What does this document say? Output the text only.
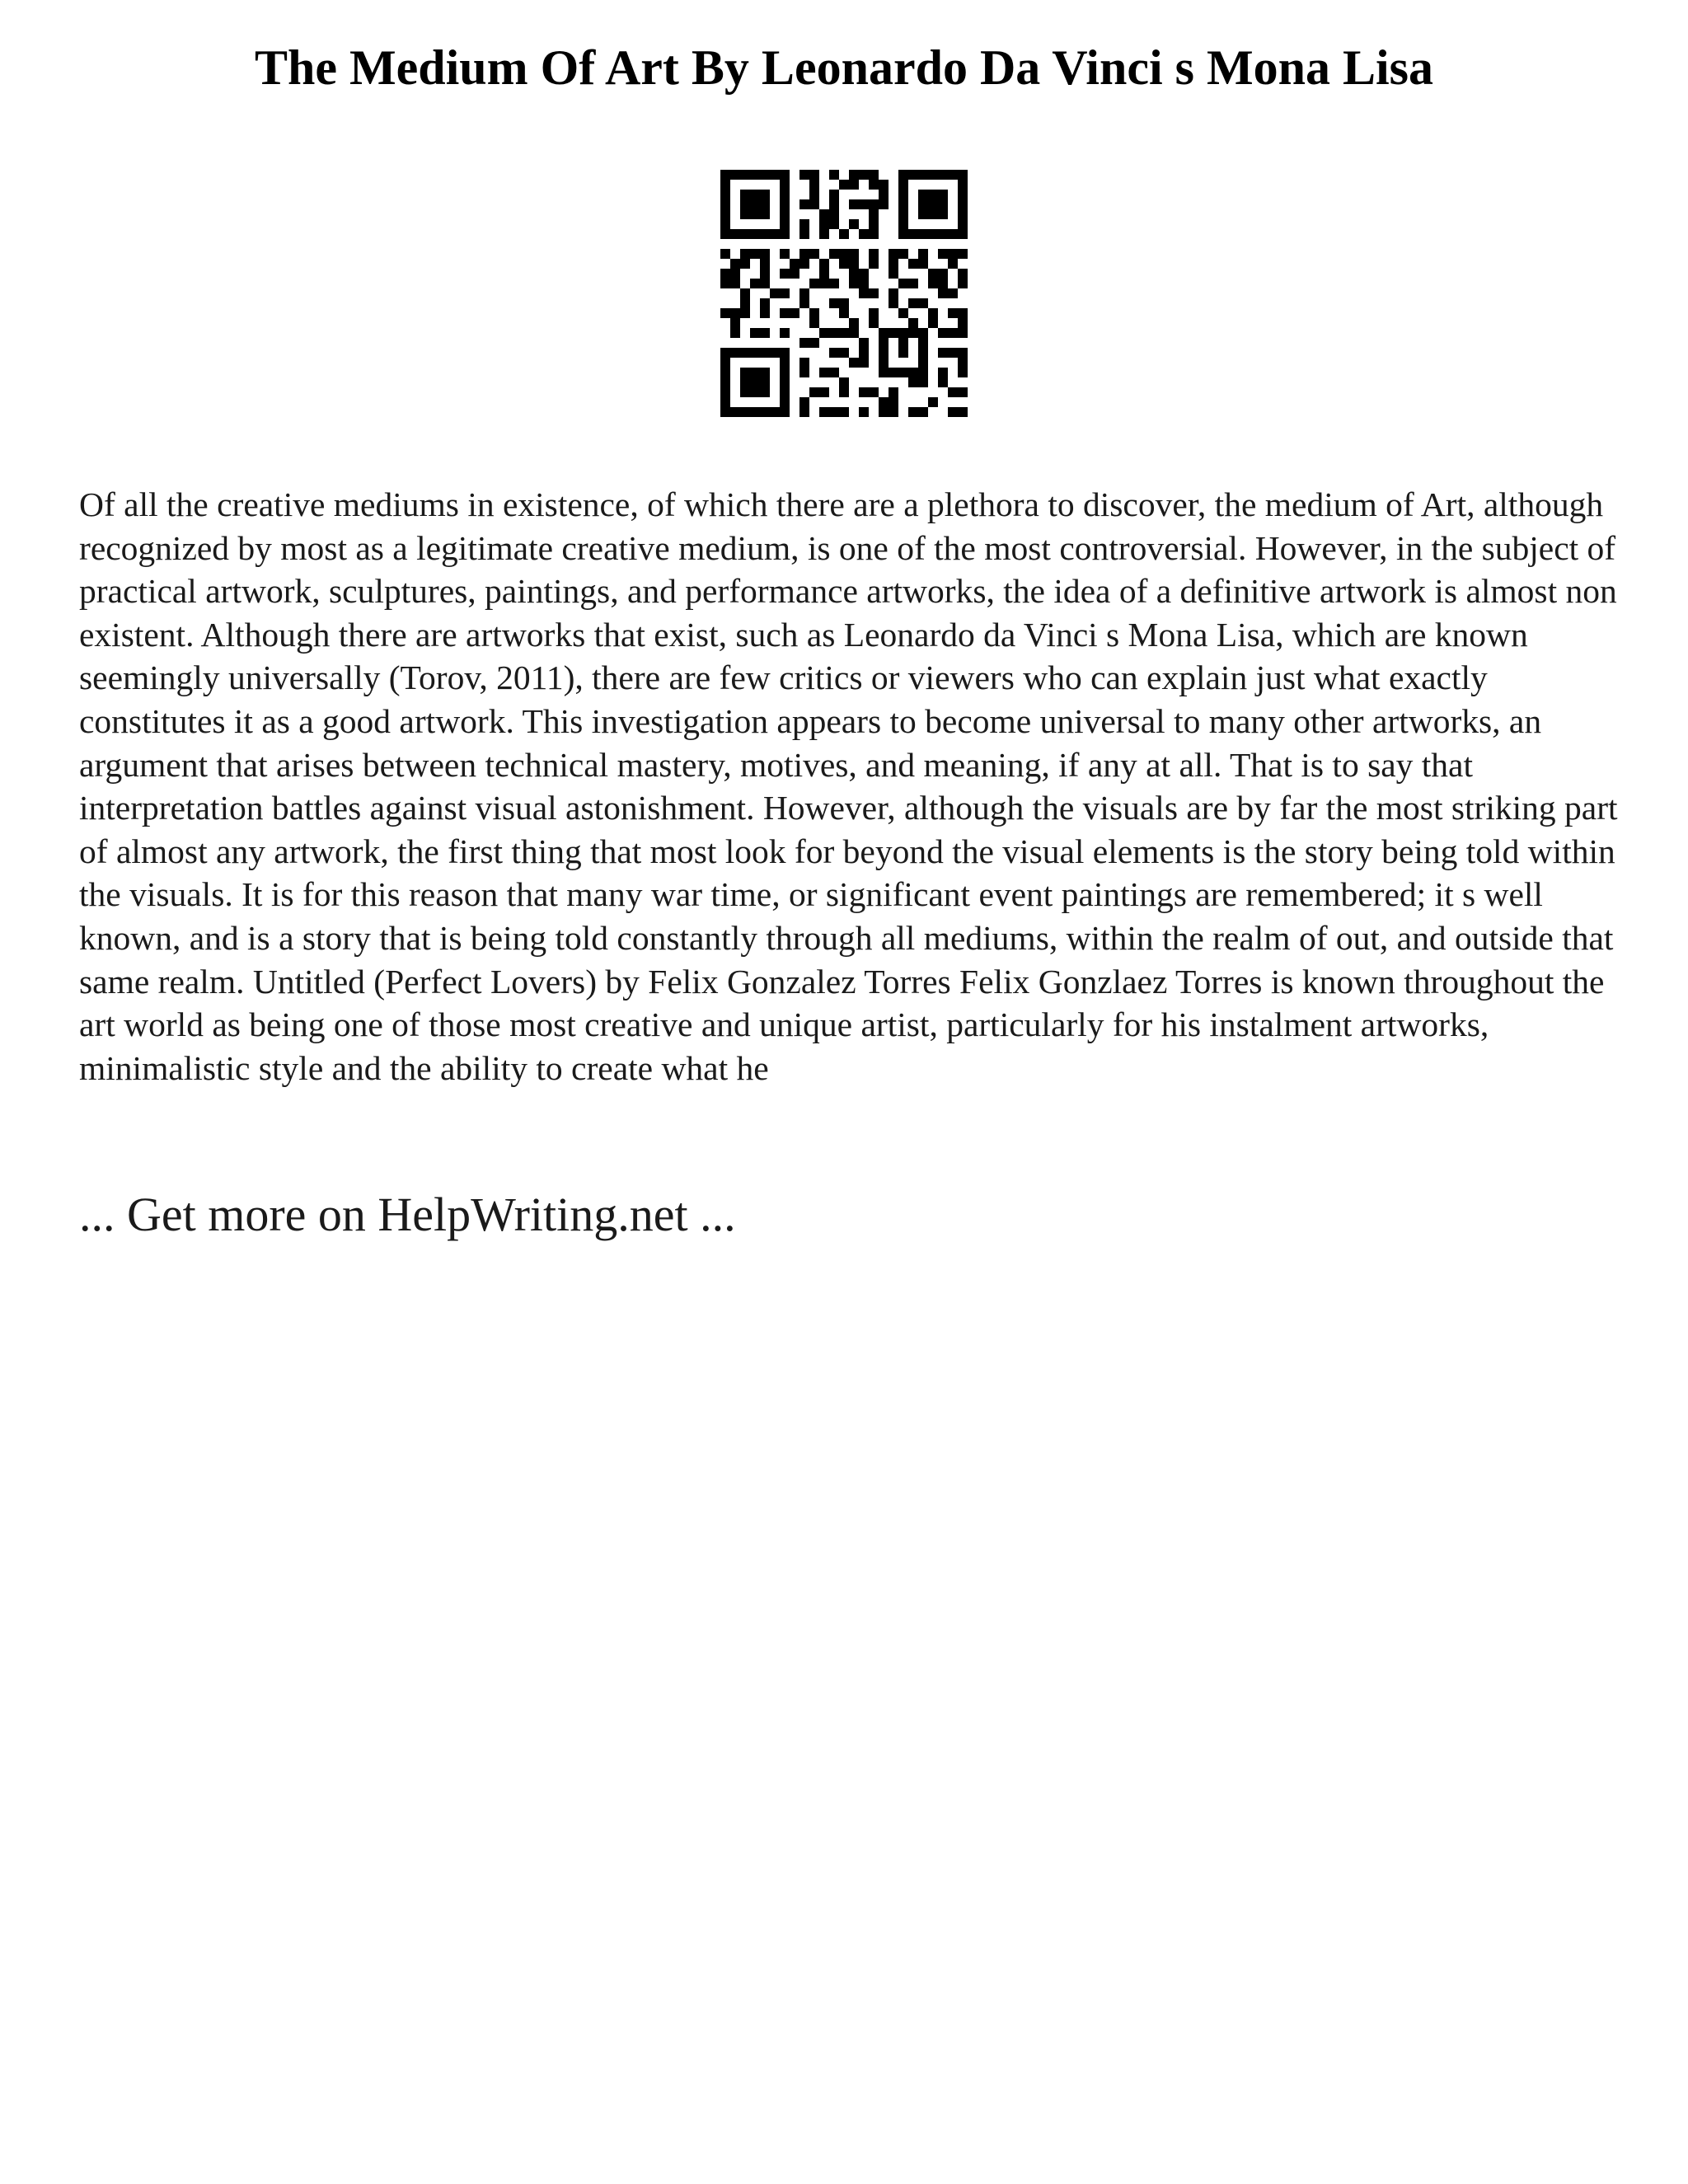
The Medium Of Art By Leonardo Da Vinci s Mona Lisa

Of all the creative mediums in existence, of which there are a plethora to discover, the medium of Art, although recognized by most as a legitimate creative medium, is one of the most controversial. However, in the subject of practical artwork, sculptures, paintings, and performance artworks, the idea of a definitive artwork is almost non existent. Although there are artworks that exist, such as Leonardo da Vinci s Mona Lisa, which are known seemingly universally (Torov, 2011), there are few critics or viewers who can explain just what exactly constitutes it as a good artwork. This investigation appears to become universal to many other artworks, an argument that arises between technical mastery, motives, and meaning, if any at all. That is to say that interpretation battles against visual astonishment. However, although the visuals are by far the most striking part of almost any artwork, the first thing that most look for beyond the visual elements is the story being told within the visuals. It is for this reason that many war time, or significant event paintings are remembered; it s well known, and is a story that is being told constantly through all mediums, within the realm of out, and outside that same realm. Untitled (Perfect Lovers) by Felix Gonzalez Torres Felix Gonzlaez Torres is known throughout the art world as being one of those most creative and unique artist, particularly for his instalment artworks, minimalistic style and the ability to create what he

... Get more on HelpWriting.net ...
